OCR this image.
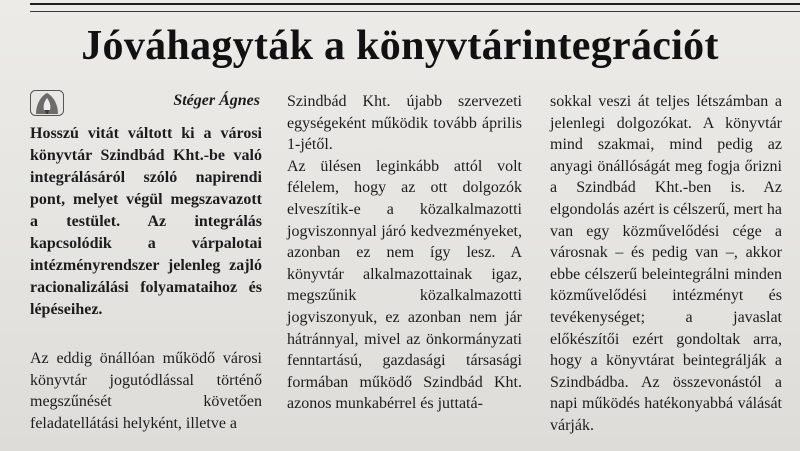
Jóváhagyták a könyvtárintegrációt

Stéger Ágnes

Hosszú vitát váltott ki a városi könyvtár Szindbád Kht.-be való integrálásáról szóló napirendi pont, melyet végül megszavazott a testület. Az integrálás kapcsolódik a várpalotai intézményrendszer jelenleg zajló racionalizálási folyamataihoz és lépéseihez.

Az eddig önállóan működő városi könyvtár jogutódlással történő megszűnését követően feladatellátási helyként, illetve a

Szindbád Kht. újabb szervezeti egységeként működik tovább április 1-jétől.

Az ülésen leginkább attól volt félelem, hogy az ott dolgozók elveszítik-e a közalkalmazotti jogviszonnyal járó kedvezményeket, azonban ez nem így lesz. A könyvtár alkalmazottainak igaz, megszűnik közalkalmazotti jogviszonyuk, ez azonban nem jár hátránnyal, mivel az önkormányzati fenntartású, gazdasági társasági formában működő Szindbád Kht. azonos munkabérrel és juttatá-

sokkal veszi át teljes létszámban a jelenlegi dolgozókat. A könyvtár mind szakmai, mind pedig az anyagi önállóságát meg fogja őrizni a Szindbád Kht.-ben is. Az elgondolás azért is célszerű, mert ha van egy közművelődési cége a városnak – és pedig van –, akkor ebbe célszerű beleintegrálni minden közművelődési intézményt és tevékenységet; a javaslat előkészítői ezért gondoltak arra, hogy a könyvtárat beintegrálják a Szindbádba. Az összevonástól a napi működés hatékonyabbá válását várják.
